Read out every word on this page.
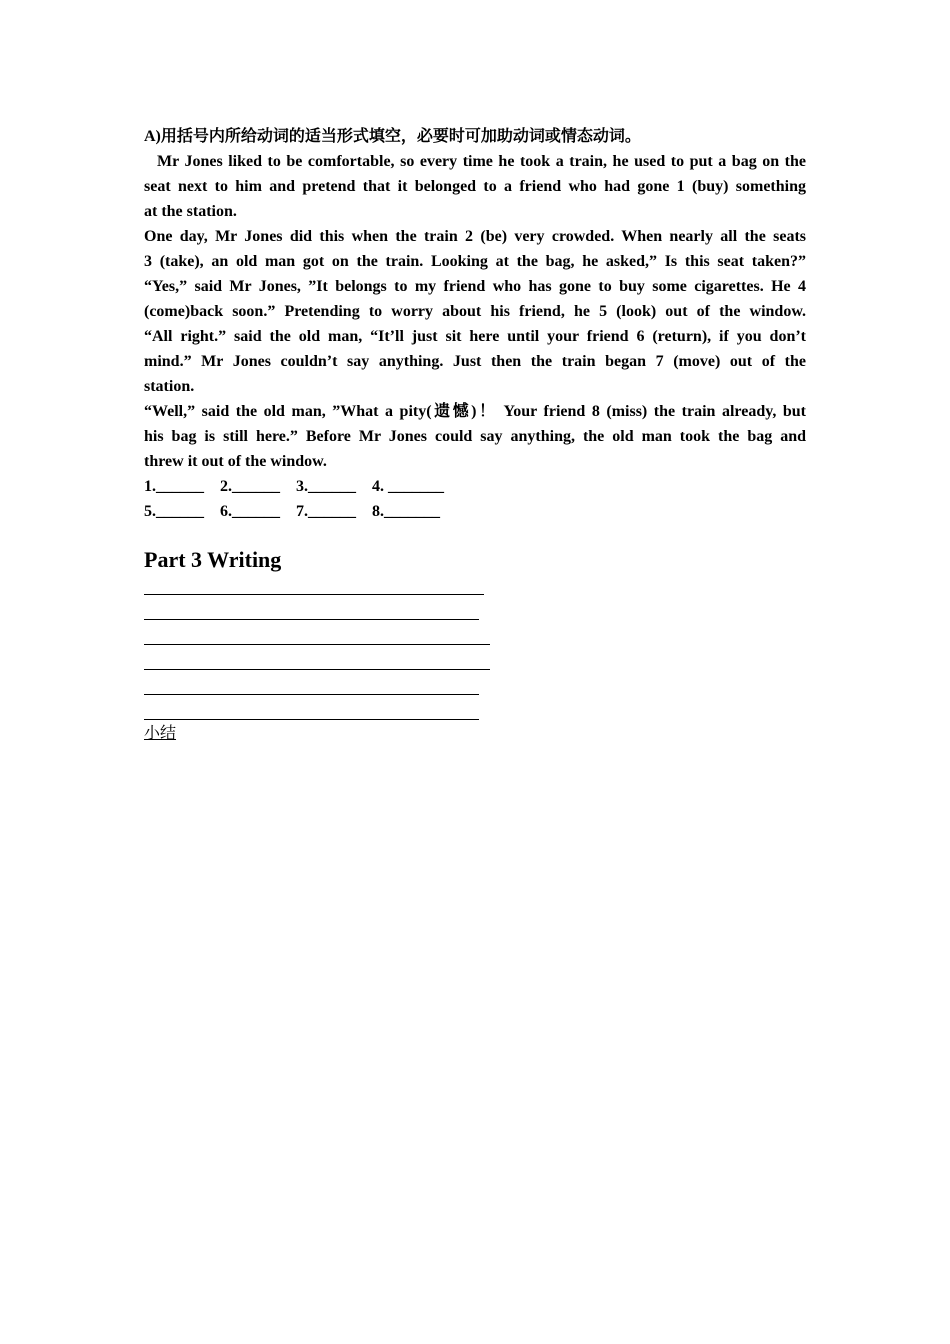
A)用括号内所给动词的适当形式填空，必要时可加助动词或情态动词。
Mr Jones liked to be comfortable, so every time he took a train, he used to put a bag on the
seat next to him and pretend that it belonged to a friend who had gone 1 (buy) something
at the station.
One day, Mr Jones did this when the train 2 (be) very crowded. When nearly all the seats
3 (take), an old man got on the train. Looking at the bag, he asked,” Is this seat taken?”
“Yes,” said Mr Jones, ”It belongs to my friend who has gone to buy some cigarettes. He 4
(come)back soon.” Pretending to worry about his friend, he 5 (look) out of the window.
“All right.” said the old man, “It’ll just sit here until your friend 6 (return), if you don’t
mind.” Mr Jones couldn’t say anything. Just then the train began 7 (move) out of the
station.
“Well,” said the old man, ”What a pity(遗憾)！ Your friend 8 (miss) the train already, but
his bag is still here.” Before Mr Jones could say anything, the old man took the bag and
threw it out of the window.
1.______ 2.______ 3.______ 4. _______
5.______ 6.______ 7.______ 8._______
Part 3 Writing
小结
